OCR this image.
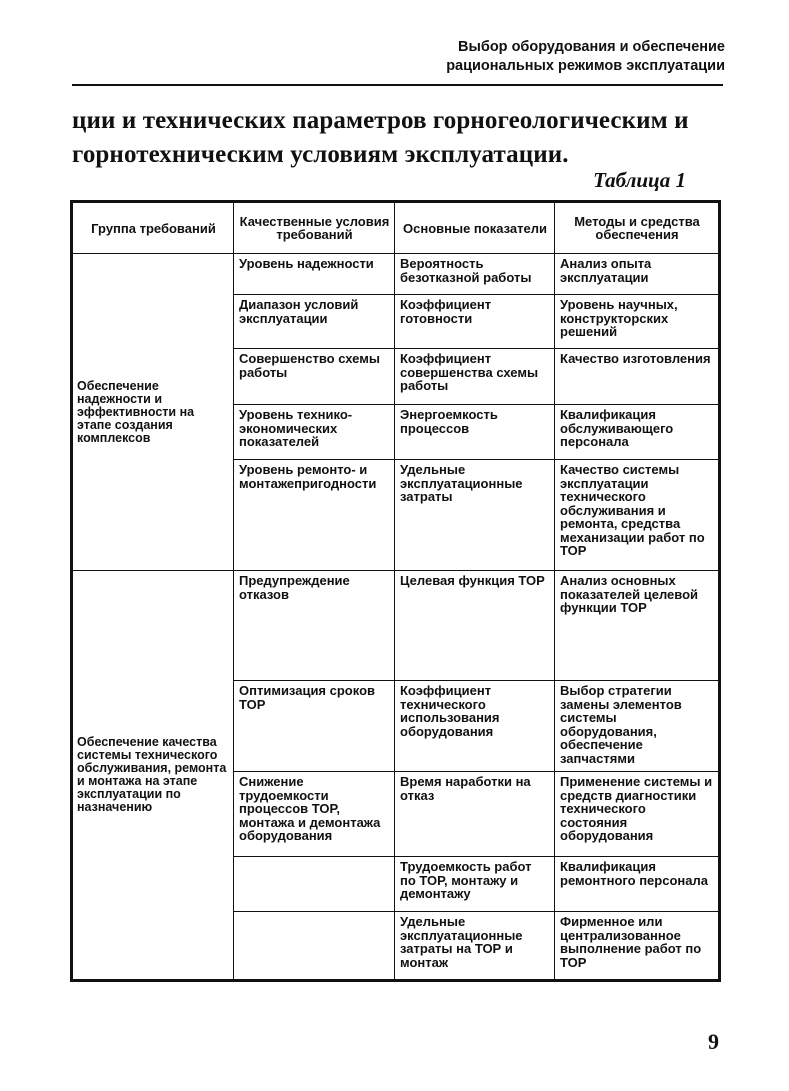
Выбор оборудования и обеспечение
рациональных режимов эксплуатации
ции и технических параметров горногеологическим и горнотехническим условиям эксплуатации.
Таблица 1
Группа требований	Качественные условия требований	Основные показатели	Методы и средства обеспечения
Обеспечение надежности и эффективности на этапе создания комплексов	Уровень надежности	Вероятность безотказной работы	Анализ опыта эксплуатации
	Диапазон условий эксплуатации	Коэффициент готовности	Уровень научных, конструкторских решений
	Совершенство схемы работы	Коэффициент совершенства схемы работы	Качество изготовления
	Уровень технико-экономических показателей	Энергоемкость процессов	Квалификация обслуживающего персонала
	Уровень ремонто- и монтажепригодности	Удельные эксплуатационные затраты	Качество системы эксплуатации технического обслуживания и ремонта, средства механизации работ по ТОР
Обеспечение качества системы технического обслуживания, ремонта и монтажа на этапе эксплуатации по назначению	Предупреждение отказов	Целевая функция ТОР	Анализ основных показателей целевой функции ТОР
	Оптимизация сроков ТОР	Коэффициент технического использования оборудования	Выбор стратегии замены элементов системы оборудования, обеспечение запчастями
	Снижение трудоемкости процессов ТОР, монтажа и демонтажа оборудования	Время наработки на отказ	Применение системы и средств диагностики технического состояния оборудования
		Трудоемкость работ по ТОР, монтажу и демонтажу	Квалификация ремонтного персонала
		Удельные эксплуатационные затраты на ТОР и монтаж	Фирменное или централизованное выполнение работ по ТОР
9
